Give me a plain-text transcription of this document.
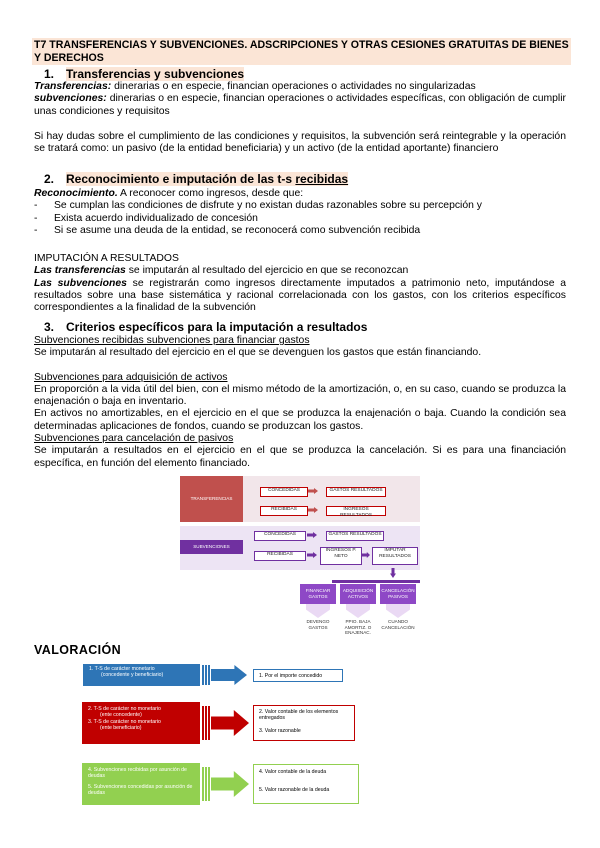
T7 TRANSFERENCIAS Y SUBVENCIONES. ADSCRIPCIONES Y OTRAS CESIONES GRATUITAS DE BIENES Y DERECHOS
1. Transferencias y subvenciones
Transferencias: dinerarias o en especie, financian operaciones o actividades no singularizadas
subvenciones: dinerarias o en especie, financian operaciones o actividades específicas, con obligación de cumplir unas condiciones y requisitos
Si hay dudas sobre el cumplimiento de las condiciones y requisitos, la subvención será reintegrable y la operación se tratará como: un pasivo (de la entidad beneficiaria) y un activo (de la entidad aportante) financiero
2. Reconocimiento e imputación de las t-s recibidas
Reconocimiento. A reconocer como ingresos, desde que:
- Se cumplan las condiciones de disfrute y no existan dudas razonables sobre su percepción y
- Exista acuerdo individualizado de concesión
- Si se asume una deuda de la entidad, se reconocerá como subvención recibida
IMPUTACIÓN A RESULTADOS
Las transferencias se imputarán al resultado del ejercicio en que se reconozcan
Las subvenciones se registrarán como ingresos directamente imputados a patrimonio neto, imputándose a resultados sobre una base sistemática y racional correlacionada con los gastos, con los criterios específicos correspondientes a la finalidad de la subvención
3. Criterios específicos para la imputación a resultados
Subvenciones recibidas subvenciones para financiar gastos
Se imputarán al resultado del ejercicio en el que se devenguen los gastos que están financiando.
Subvenciones para adquisición de activos
En proporción a la vida útil del bien, con el mismo método de la amortización, o, en su caso, cuando se produzca la enajenación o baja en inventario.
En activos no amortizables, en el ejercicio en el que se produzca la enajenación o baja. Cuando la condición sea determinadas aplicaciones de fondos, cuando se produzcan los gastos.
Subvenciones para cancelación de pasivos
Se imputarán a resultados en el ejercicio en el que se produzca la cancelación. Si es para una financiación específica, en función del elemento financiado.
TRANSFERENCIAS
CONCEDIDAS	GASTOS RESULTADOS
RECIBIDAS	INGRESOS RESULTADOS
SUBVENCIONES
CONCEDIDAS	GASTOS RESULTADOS
RECIBIDAS
INGRESOS P. NETO
IMPUTAR RESULTADOS
FINANCIAR GASTOS
ADQUISICIÓN ACTIVOS
CANCELACIÓN PASIVOS
DEVENGO GASTOS
PPIO. BAJA AMORTIZ. O ENAJENAC.
CUANDO CANCELACIÓN
VALORACIÓN
1. T-S de carácter monetario
(concedente y beneficiario)	1. Por el importe concedido
2. T-S de carácter no monetario
(ente concedente)
3. T-S de carácter no monetario
(ente beneficiario)
2. Valor contable de los elementos entregados
3. Valor razonable
4. Subvenciones recibidas por asunción de deudas
5. Subvenciones concedidas por asunción de deudas
4. Valor contable de la deuda
5. Valor razonable de la deuda
